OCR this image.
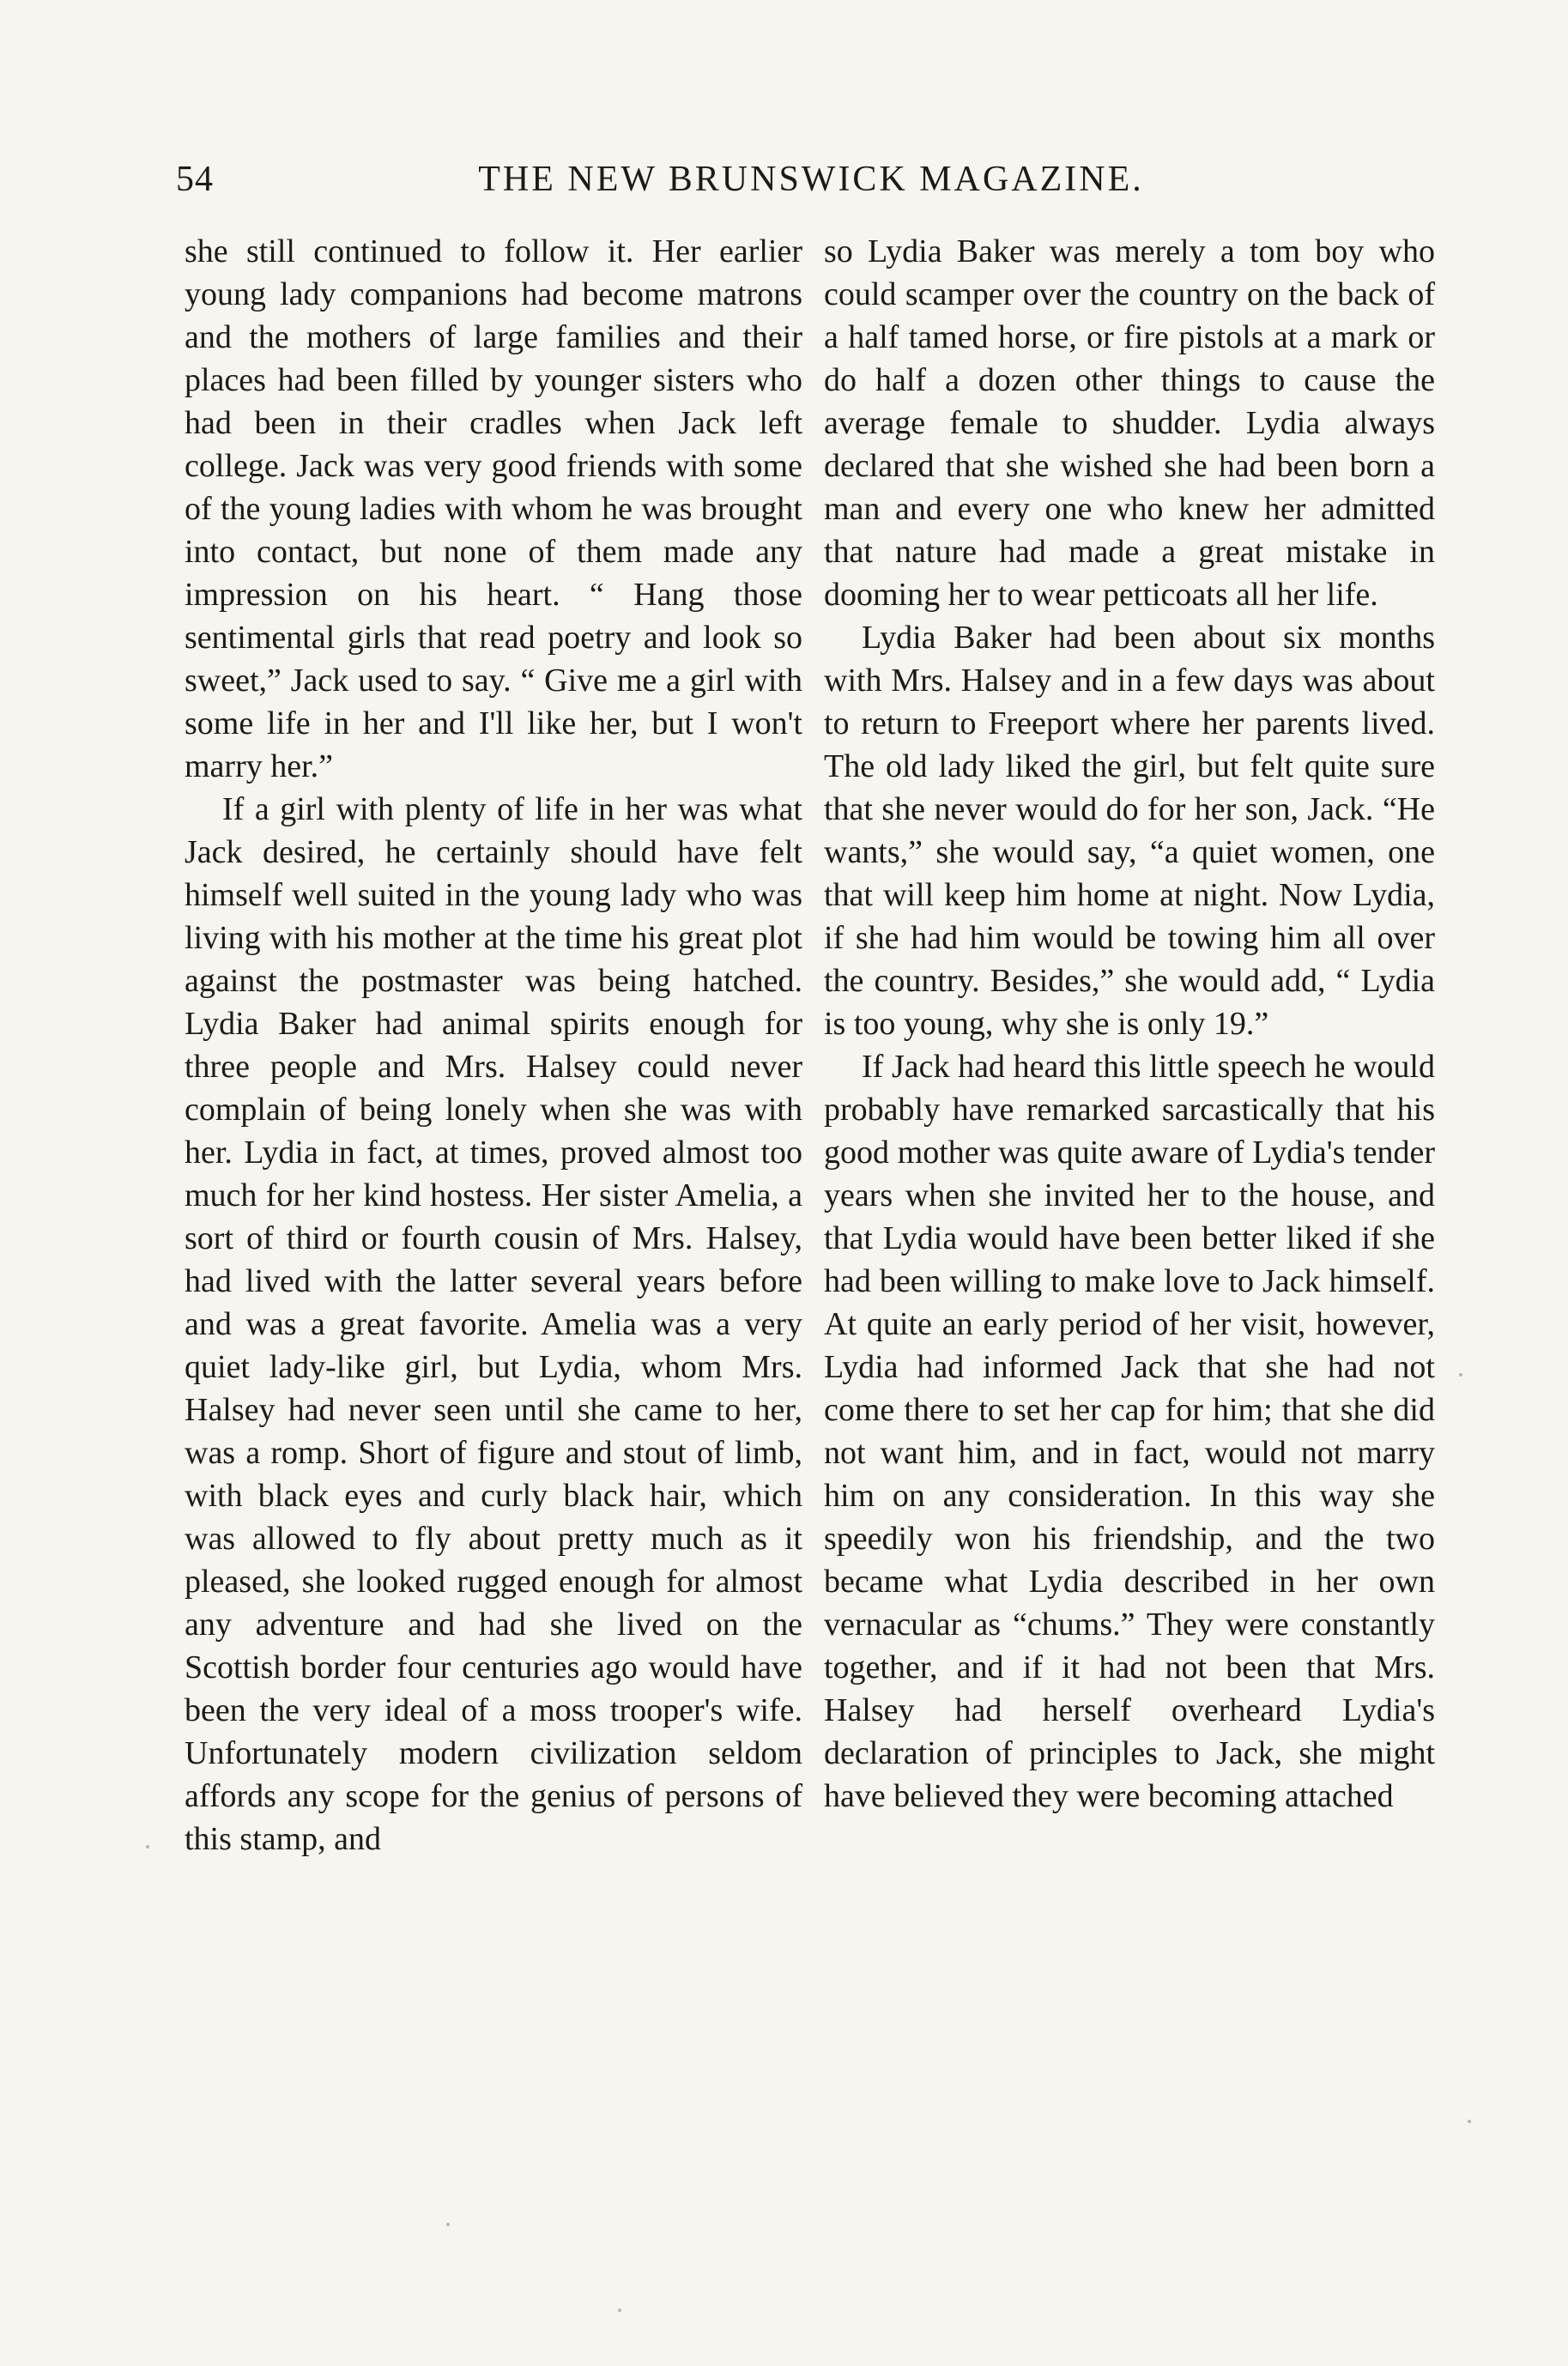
54	THE NEW BRUNSWICK MAGAZINE.

she still continued to follow it. Her earlier young lady companions had become matrons and the mothers of large families and their places had been filled by younger sisters who had been in their cradles when Jack left college. Jack was very good friends with some of the young ladies with whom he was brought into contact, but none of them made any impression on his heart. “ Hang those sentimental girls that read poetry and look so sweet,” Jack used to say. “ Give me a girl with some life in her and I'll like her, but I won't marry her.”

If a girl with plenty of life in her was what Jack desired, he certainly should have felt himself well suited in the young lady who was living with his mother at the time his great plot against the postmaster was being hatched. Lydia Baker had animal spirits enough for three people and Mrs. Halsey could never complain of being lonely when she was with her. Lydia in fact, at times, proved almost too much for her kind hostess. Her sister Amelia, a sort of third or fourth cousin of Mrs. Halsey, had lived with the latter several years before and was a great favorite. Amelia was a very quiet lady-like girl, but Lydia, whom Mrs. Halsey had never seen until she came to her, was a romp. Short of figure and stout of limb, with black eyes and curly black hair, which was allowed to fly about pretty much as it pleased, she looked rugged enough for almost any adventure and had she lived on the Scottish border four centuries ago would have been the very ideal of a moss trooper's wife. Unfortunately modern civilization seldom affords any scope for the genius of persons of this stamp, and

so Lydia Baker was merely a tom boy who could scamper over the country on the back of a half tamed horse, or fire pistols at a mark or do half a dozen other things to cause the average female to shudder. Lydia always declared that she wished she had been born a man and every one who knew her admitted that nature had made a great mistake in dooming her to wear petticoats all her life.

Lydia Baker had been about six months with Mrs. Halsey and in a few days was about to return to Freeport where her parents lived. The old lady liked the girl, but felt quite sure that she never would do for her son, Jack. “He wants,” she would say, “a quiet women, one that will keep him home at night. Now Lydia, if she had him would be towing him all over the country. Besides,” she would add, “ Lydia is too young, why she is only 19.”

If Jack had heard this little speech he would probably have remarked sarcastically that his good mother was quite aware of Lydia's tender years when she invited her to the house, and that Lydia would have been better liked if she had been willing to make love to Jack himself. At quite an early period of her visit, however, Lydia had informed Jack that she had not come there to set her cap for him; that she did not want him, and in fact, would not marry him on any consideration. In this way she speedily won his friendship, and the two became what Lydia described in her own vernacular as “chums.” They were constantly together, and if it had not been that Mrs. Halsey had herself overheard Lydia's declaration of principles to Jack, she might have believed they were becoming attached
